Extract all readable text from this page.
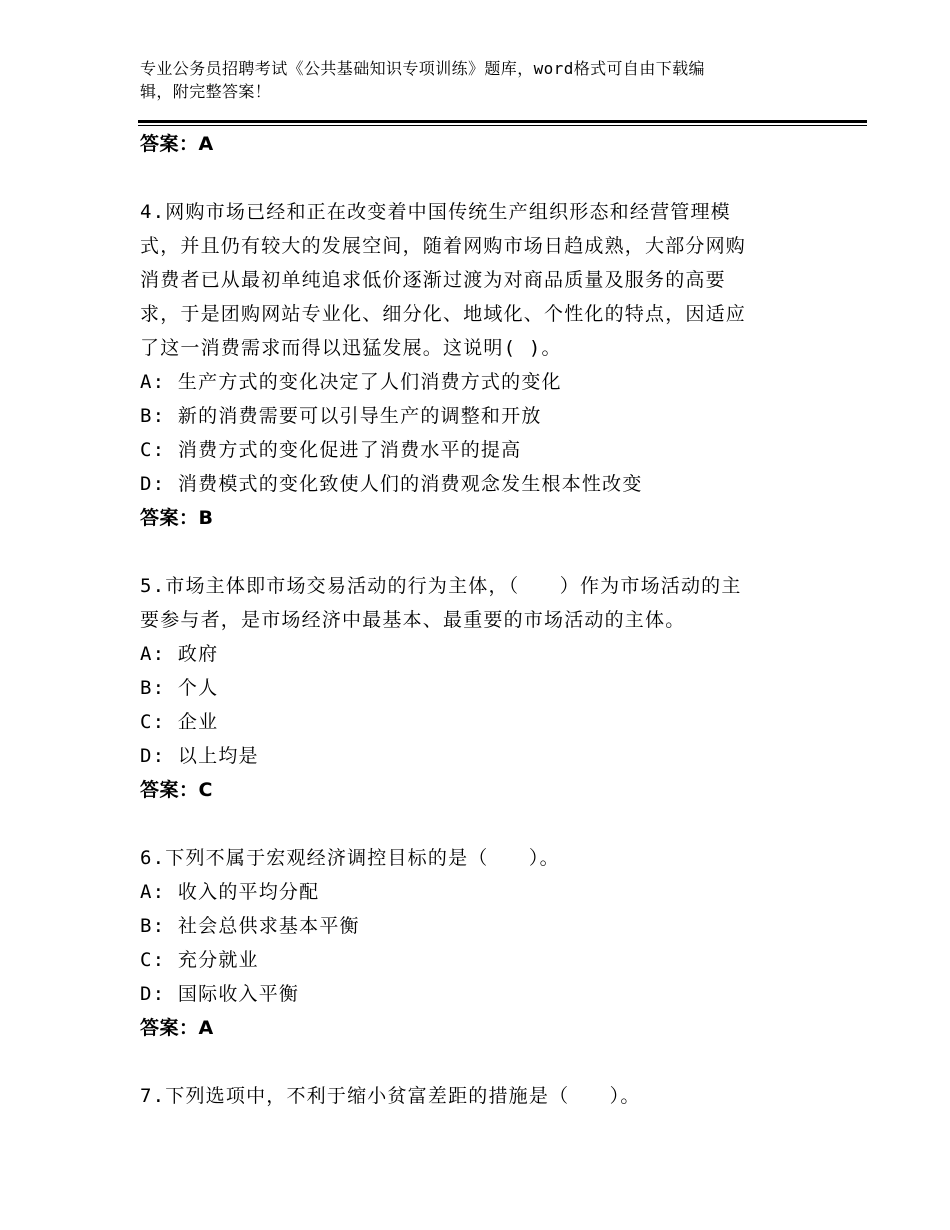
专业公务员招聘考试《公共基础知识专项训练》题库，word格式可自由下载编
辑，附完整答案！
答案：A
4.网购市场已经和正在改变着中国传统生产组织形态和经营管理模
式，并且仍有较大的发展空间，随着网购市场日趋成熟，大部分网购
消费者已从最初单纯追求低价逐渐过渡为对商品质量及服务的高要
求，于是团购网站专业化、细分化、地域化、个性化的特点，因适应
了这一消费需求而得以迅猛发展。这说明( )。
A: 生产方式的变化决定了人们消费方式的变化
B: 新的消费需要可以引导生产的调整和开放
C: 消费方式的变化促进了消费水平的提高
D: 消费模式的变化致使人们的消费观念发生根本性改变
答案：B
5.市场主体即市场交易活动的行为主体，（　　）作为市场活动的主
要参与者，是市场经济中最基本、最重要的市场活动的主体。
A: 政府
B: 个人
C: 企业
D: 以上均是
答案：C
6.下列不属于宏观经济调控目标的是（　　）。
A: 收入的平均分配
B: 社会总供求基本平衡
C: 充分就业
D: 国际收入平衡
答案：A
7.下列选项中，不利于缩小贫富差距的措施是（　　）。
